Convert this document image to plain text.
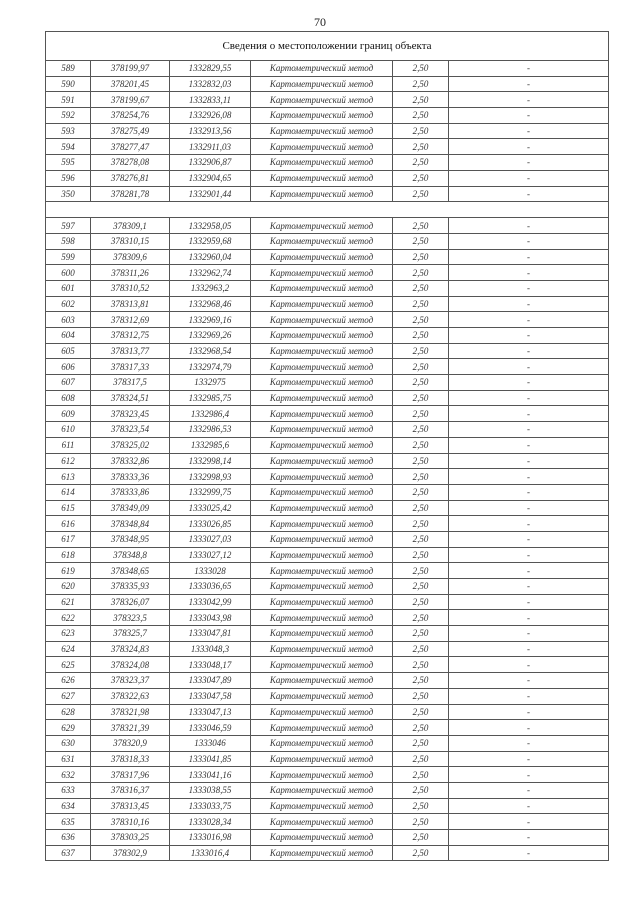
70
Сведения о местоположении границ объекта					
589	378199,97	1332829,55	Картометрический метод	2,50	-
590	378201,45	1332832,03	Картометрический метод	2,50	-
591	378199,67	1332833,11	Картометрический метод	2,50	-
592	378254,76	1332926,08	Картометрический метод	2,50	-
593	378275,49	1332913,56	Картометрический метод	2,50	-
594	378277,47	1332911,03	Картометрический метод	2,50	-
595	378278,08	1332906,87	Картометрический метод	2,50	-
596	378276,81	1332904,65	Картометрический метод	2,50	-
350	378281,78	1332901,44	Картометрический метод	2,50	-

597	378309,1	1332958,05	Картометрический метод	2,50	-
598	378310,15	1332959,68	Картометрический метод	2,50	-
599	378309,6	1332960,04	Картометрический метод	2,50	-
600	378311,26	1332962,74	Картометрический метод	2,50	-
601	378310,52	1332963,2	Картометрический метод	2,50	-
602	378313,81	1332968,46	Картометрический метод	2,50	-
603	378312,69	1332969,16	Картометрический метод	2,50	-
604	378312,75	1332969,26	Картометрический метод	2,50	-
605	378313,77	1332968,54	Картометрический метод	2,50	-
606	378317,33	1332974,79	Картометрический метод	2,50	-
607	378317,5	1332975	Картометрический метод	2,50	-
608	378324,51	1332985,75	Картометрический метод	2,50	-
609	378323,45	1332986,4	Картометрический метод	2,50	-
610	378323,54	1332986,53	Картометрический метод	2,50	-
611	378325,02	1332985,6	Картометрический метод	2,50	-
612	378332,86	1332998,14	Картометрический метод	2,50	-
613	378333,36	1332998,93	Картометрический метод	2,50	-
614	378333,86	1332999,75	Картометрический метод	2,50	-
615	378349,09	1333025,42	Картометрический метод	2,50	-
616	378348,84	1333026,85	Картометрический метод	2,50	-
617	378348,95	1333027,03	Картометрический метод	2,50	-
618	378348,8	1333027,12	Картометрический метод	2,50	-
619	378348,65	1333028	Картометрический метод	2,50	-
620	378335,93	1333036,65	Картометрический метод	2,50	-
621	378326,07	1333042,99	Картометрический метод	2,50	-
622	378323,5	1333043,98	Картометрический метод	2,50	-
623	378325,7	1333047,81	Картометрический метод	2,50	-
624	378324,83	1333048,3	Картометрический метод	2,50	-
625	378324,08	1333048,17	Картометрический метод	2,50	-
626	378323,37	1333047,89	Картометрический метод	2,50	-
627	378322,63	1333047,58	Картометрический метод	2,50	-
628	378321,98	1333047,13	Картометрический метод	2,50	-
629	378321,39	1333046,59	Картометрический метод	2,50	-
630	378320,9	1333046	Картометрический метод	2,50	-
631	378318,33	1333041,85	Картометрический метод	2,50	-
632	378317,96	1333041,16	Картометрический метод	2,50	-
633	378316,37	1333038,55	Картометрический метод	2,50	-
634	378313,45	1333033,75	Картометрический метод	2,50	-
635	378310,16	1333028,34	Картометрический метод	2,50	-
636	378303,25	1333016,98	Картометрический метод	2,50	-
637	378302,9	1333016,4	Картометрический метод	2,50	-
